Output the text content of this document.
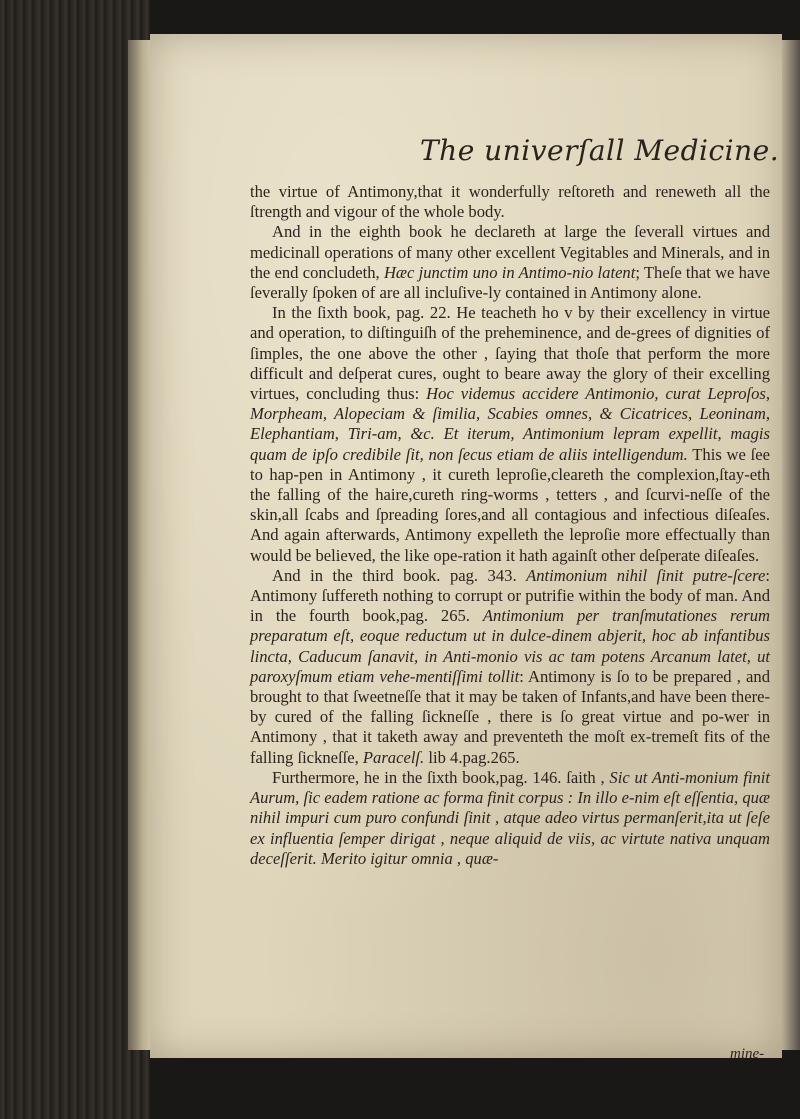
The univerſall Medicine.

the virtue of Antimony,that it wonderfully reſtoreth and reneweth all the ſtrength and vigour of the whole body.

And in the eighth book he declareth at large the ſeverall virtues and medicinall operations of many other excellent Vegitables and Minerals, and in the end concludeth, Hæc junctim uno in Antimo-nio latent; Theſe that we have ſeverally ſpoken of are all incluſive-ly contained in Antimony alone.

In the ſixth book, pag. 22. He teacheth ho v by their excellency in virtue and operation, to diſtinguiſh of the preheminence, and de-grees of dignities of ſimples, the one above the other , ſaying that thoſe that perform the more difficult and deſperat cures, ought to beare away the glory of their excelling virtues, concluding thus: Hoc videmus accidere Antimonio, curat Leproſos, Morpheam, Alopeciam & ſimilia, Scabies omnes, & Cicatrices, Leoninam, Elephantiam, Tiri-am, &c. Et iterum, Antimonium lepram expellit, magis quam de ipſo credibile ſit, non ſecus etiam de aliis intelligendum. This we ſee to hap-pen in Antimony , it cureth leproſie,cleareth the complexion,ſtay-eth the falling of the haire,cureth ring-worms , tetters , and ſcurvi-neſſe of the skin,all ſcabs and ſpreading ſores,and all contagious and infectious diſeaſes. And again afterwards, Antimony expelleth the leproſie more effectually than would be believed, the like ope-ration it hath againſt other deſperate diſeaſes.

And in the third book. pag. 343. Antimonium nihil ſinit putre-ſcere: Antimony ſuffereth nothing to corrupt or putrifie within the body of man. And in the fourth book,pag. 265. Antimonium per tranſmutationes rerum preparatum eſt, eoque reductum ut in dulce-dinem abjerit, hoc ab infantibus lincta, Caducum ſanavit, in Anti-monio vis ac tam potens Arcanum latet, ut paroxyſmum etiam vehe-mentiſſimi tollit: Antimony is ſo to be prepared , and brought to that ſweetneſſe that it may be taken of Infants,and have been there-by cured of the falling ſickneſſe , there is ſo great virtue and po-wer in Antimony , that it taketh away and preventeth the moſt ex-tremeſt fits of the falling ſickneſſe, Paracelſ. lib 4.pag.265.

Furthermore, he in the ſixth book,pag. 146. ſaith , Sic ut Anti-monium finit Aurum, ſic eadem ratione ac forma finit corpus : In illo e-nim eſt eſſentia, quæ nihil impuri cum puro confundi ſinit , atque adeo virtus permanſerit,ita ut ſeſe ex influentia ſemper dirigat , neque aliquid de viis, ac virtute nativa unquam deceſſerit. Merito igitur omnia , quæ-

mine-
